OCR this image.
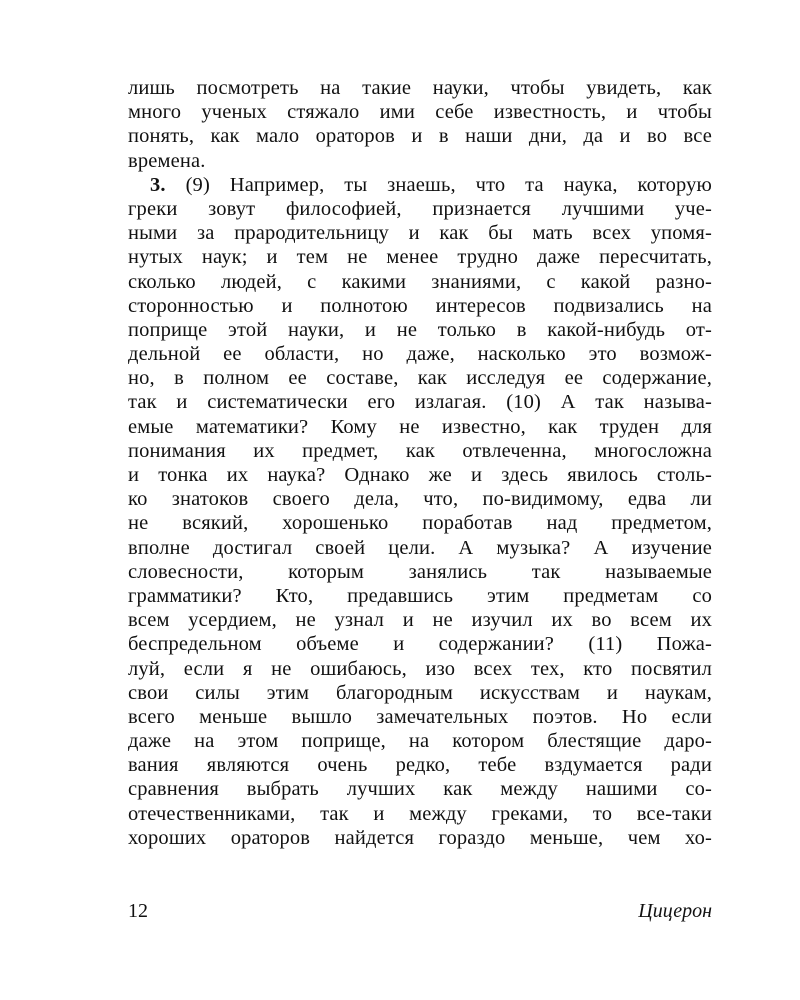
лишь посмотреть на такие науки, чтобы увидеть, как
много ученых стяжало ими себе известность, и чтобы
понять, как мало ораторов и в наши дни, да и во все
времена.
3. (9) Например, ты знаешь, что та наука, которую
греки зовут философией, признается лучшими уче-
ными за прародительницу и как бы мать всех упомя-
нутых наук; и тем не менее трудно даже пересчитать,
сколько людей, с какими знаниями, с какой разно-
сторонностью и полнотою интересов подвизались на
поприще этой науки, и не только в какой-нибудь от-
дельной ее области, но даже, насколько это возмож-
но, в полном ее составе, как исследуя ее содержание,
так и систематически его излагая. (10) А так называ-
емые математики? Кому не известно, как труден для
понимания их предмет, как отвлеченна, многосложна
и тонка их наука? Однако же и здесь явилось столь-
ко знатоков своего дела, что, по-видимому, едва ли
не всякий, хорошенько поработав над предметом,
вполне достигал своей цели. А музыка? А изучение
словесности, которым занялись так называемые
грамматики? Кто, предавшись этим предметам со
всем усердием, не узнал и не изучил их во всем их
беспредельном объеме и содержании? (11) Пожа-
луй, если я не ошибаюсь, изо всех тех, кто посвятил
свои силы этим благородным искусствам и наукам,
всего меньше вышло замечательных поэтов. Но если
даже на этом поприще, на котором блестящие даро-
вания являются очень редко, тебе вздумается ради
сравнения выбрать лучших как между нашими со-
отечественниками, так и между греками, то все-таки
хороших ораторов найдется гораздо меньше, чем хо-
12	Цицерон
